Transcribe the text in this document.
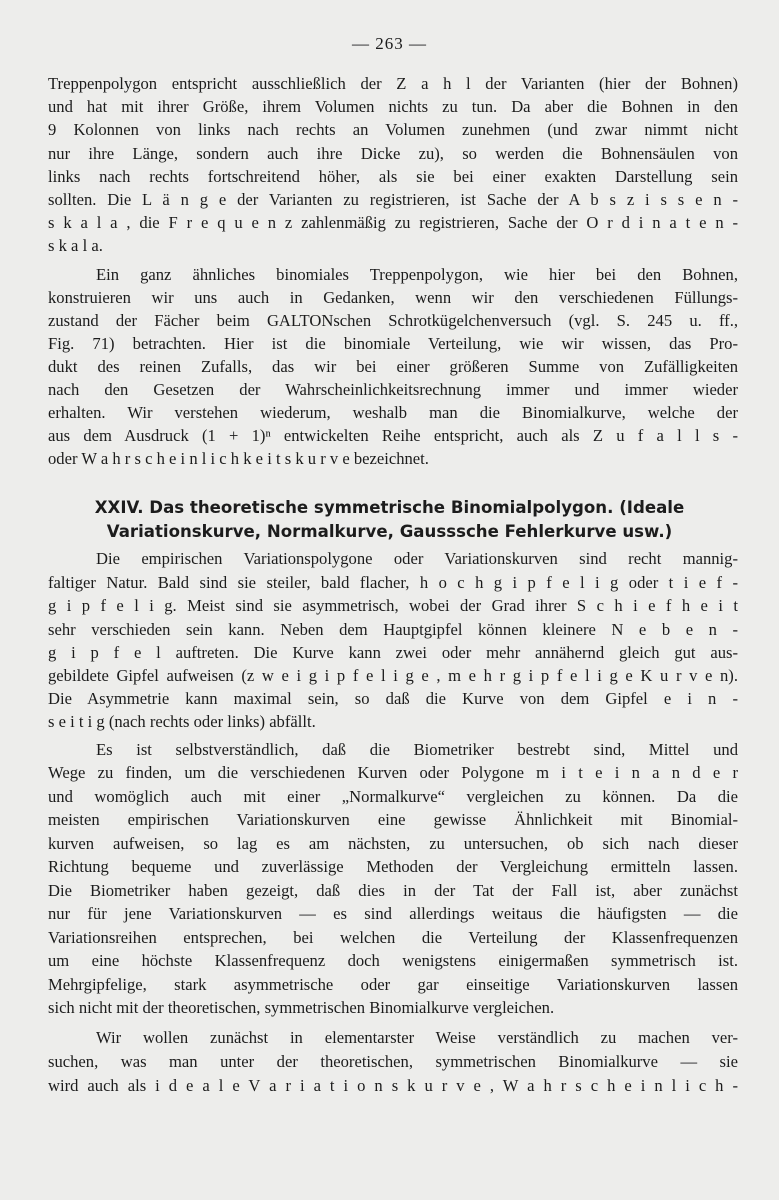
— 263 —
Treppenpolygon entspricht ausschließlich der Z a h l der Varianten (hier der Bohnen)
und hat mit ihrer Größe, ihrem Volumen nichts zu tun. Da aber die Bohnen in den
9 Kolonnen von links nach rechts an Volumen zunehmen (und zwar nimmt nicht
nur ihre Länge, sondern auch ihre Dicke zu), so werden die Bohnensäulen von
links nach rechts fortschreitend höher, als sie bei einer exakten Darstellung sein
sollten. Die L ä n g e der Varianten zu registrieren, ist Sache der A b s z i s s e n -
s k a l a , die F r e q u e n z zahlenmäßig zu registrieren, Sache der O r d i n a t e n -
s k a l a.
Ein ganz ähnliches binomiales Treppenpolygon, wie hier bei den Bohnen,
konstruieren wir uns auch in Gedanken, wenn wir den verschiedenen Füllungs-
zustand der Fächer beim GALTONschen Schrotkügelchenversuch (vgl. S. 245 u. ff.,
Fig. 71) betrachten. Hier ist die binomiale Verteilung, wie wir wissen, das Pro-
dukt des reinen Zufalls, das wir bei einer größeren Summe von Zufälligkeiten
nach den Gesetzen der Wahrscheinlichkeitsrechnung immer und immer wieder
erhalten. Wir verstehen wiederum, weshalb man die Binomialkurve, welche der
aus dem Ausdruck (1 + 1)ⁿ entwickelten Reihe entspricht, auch als Z u f a l l s -
oder W a h r s c h e i n l i c h k e i t s k u r v e bezeichnet.
XXIV. Das theoretische symmetrische Binomialpolygon. (Ideale
Variationskurve, Normalkurve, Gausssche Fehlerkurve usw.)
Die empirischen Variationspolygone oder Variationskurven sind recht mannig-
faltiger Natur. Bald sind sie steiler, bald flacher, h o c h g i p f e l i g oder t i e f -
g i p f e l i g. Meist sind sie asymmetrisch, wobei der Grad ihrer S c h i e f h e i t
sehr verschieden sein kann. Neben dem Hauptgipfel können kleinere N e b e n -
g i p f e l auftreten. Die Kurve kann zwei oder mehr annähernd gleich gut aus-
gebildete Gipfel aufweisen (z w e i g i p f e l i g e , m e h r g i p f e l i g e K u r v e n).
Die Asymmetrie kann maximal sein, so daß die Kurve von dem Gipfel e i n -
s e i t i g (nach rechts oder links) abfällt.
Es ist selbstverständlich, daß die Biometriker bestrebt sind, Mittel und
Wege zu finden, um die verschiedenen Kurven oder Polygone m i t e i n a n d e r
und womöglich auch mit einer „Normalkurve“ vergleichen zu können. Da die
meisten empirischen Variationskurven eine gewisse Ähnlichkeit mit Binomial-
kurven aufweisen, so lag es am nächsten, zu untersuchen, ob sich nach dieser
Richtung bequeme und zuverlässige Methoden der Vergleichung ermitteln lassen.
Die Biometriker haben gezeigt, daß dies in der Tat der Fall ist, aber zunächst
nur für jene Variationskurven — es sind allerdings weitaus die häufigsten — die
Variationsreihen entsprechen, bei welchen die Verteilung der Klassenfrequenzen
um eine höchste Klassenfrequenz doch wenigstens einigermaßen symmetrisch ist.
Mehrgipfelige, stark asymmetrische oder gar einseitige Variationskurven lassen
sich nicht mit der theoretischen, symmetrischen Binomialkurve vergleichen.
Wir wollen zunächst in elementarster Weise verständlich zu machen ver-
suchen, was man unter der theoretischen, symmetrischen Binomialkurve — sie
wird auch als i d e a l e V a r i a t i o n s k u r v e , W a h r s c h e i n l i c h -
